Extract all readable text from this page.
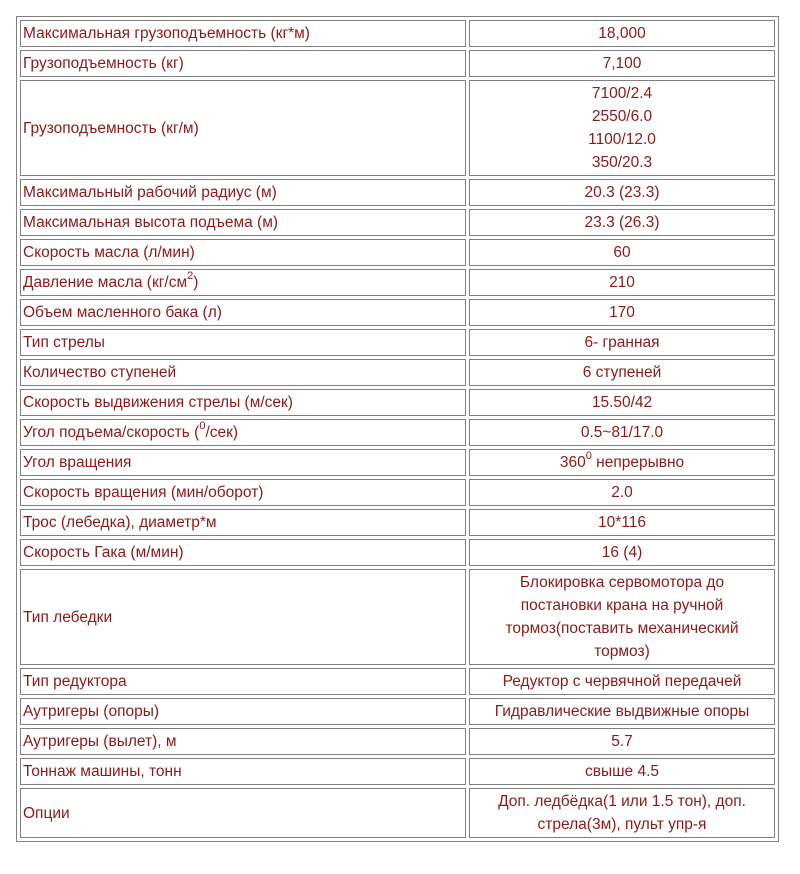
Максимальная грузоподъемность (кг*м)	18,000
Грузоподъемность (кг)	7,100
Грузоподъемность (кг/м)	7100/2.4
2550/6.0
1100/12.0
350/20.3

Максимальный рабочий радиус (м)	20.3 (23.3)
Максимальная высота подъема (м)	23.3 (26.3)
Скорость масла (л/мин)	60
Давление масла $(кг/см^2)$	210
Объем масленного бака (л)	170
Тип стрелы	6- гранная
Количество ступеней	6 ступеней
Скорость выдвижения стрелы (м/сек)	15.50/42
Угол подъема/скорость ($^0$/сек)	0.5~81/17.0
Угол вращения	$360^0$ непрерывно
Скорость вращения (мин/оборот)	2.0
Трос (лебедка), диаметр*м	10*116
Скорость Гака (м/мин)	16 (4)
Тип лебедки	Блокировка сервомотора до
постановки крана на ручной
тормоз(поставить механический
тормоз)

Тип редуктора	Редуктор с червячной передачей
Аутригеры (опоры)	Гидравлические выдвижные опоры
Аутригеры (вылет), м	5.7
Тоннаж машины, тонн	свыше 4.5
Опции	Доп. ледбёдка(1 или 1.5 тон), доп.
стрела(3м), пульт упр-я
